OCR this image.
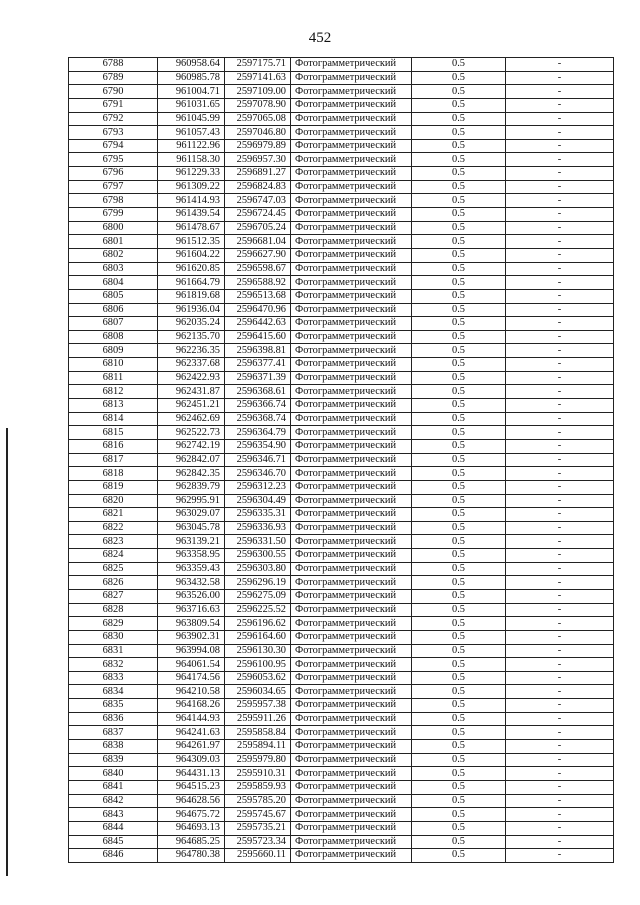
452
6788	960958.64	2597175.71	Фотограмметрический	0.5	-
6789	960985.78	2597141.63	Фотограмметрический	0.5	-
6790	961004.71	2597109.00	Фотограмметрический	0.5	-
6791	961031.65	2597078.90	Фотограмметрический	0.5	-
6792	961045.99	2597065.08	Фотограмметрический	0.5	-
6793	961057.43	2597046.80	Фотограмметрический	0.5	-
6794	961122.96	2596979.89	Фотограмметрический	0.5	-
6795	961158.30	2596957.30	Фотограмметрический	0.5	-
6796	961229.33	2596891.27	Фотограмметрический	0.5	-
6797	961309.22	2596824.83	Фотограмметрический	0.5	-
6798	961414.93	2596747.03	Фотограмметрический	0.5	-
6799	961439.54	2596724.45	Фотограмметрический	0.5	-
6800	961478.67	2596705.24	Фотограмметрический	0.5	-
6801	961512.35	2596681.04	Фотограмметрический	0.5	-
6802	961604.22	2596627.90	Фотограмметрический	0.5	-
6803	961620.85	2596598.67	Фотограмметрический	0.5	-
6804	961664.79	2596588.92	Фотограмметрический	0.5	-
6805	961819.68	2596513.68	Фотограмметрический	0.5	-
6806	961936.04	2596470.96	Фотограмметрический	0.5	-
6807	962035.24	2596442.63	Фотограмметрический	0.5	-
6808	962135.70	2596415.60	Фотограмметрический	0.5	-
6809	962236.35	2596398.81	Фотограмметрический	0.5	-
6810	962337.68	2596377.41	Фотограмметрический	0.5	-
6811	962422.93	2596371.39	Фотограмметрический	0.5	-
6812	962431.87	2596368.61	Фотограмметрический	0.5	-
6813	962451.21	2596366.74	Фотограмметрический	0.5	-
6814	962462.69	2596368.74	Фотограмметрический	0.5	-
6815	962522.73	2596364.79	Фотограмметрический	0.5	-
6816	962742.19	2596354.90	Фотограмметрический	0.5	-
6817	962842.07	2596346.71	Фотограмметрический	0.5	-
6818	962842.35	2596346.70	Фотограмметрический	0.5	-
6819	962839.79	2596312.23	Фотограмметрический	0.5	-
6820	962995.91	2596304.49	Фотограмметрический	0.5	-
6821	963029.07	2596335.31	Фотограмметрический	0.5	-
6822	963045.78	2596336.93	Фотограмметрический	0.5	-
6823	963139.21	2596331.50	Фотограмметрический	0.5	-
6824	963358.95	2596300.55	Фотограмметрический	0.5	-
6825	963359.43	2596303.80	Фотограмметрический	0.5	-
6826	963432.58	2596296.19	Фотограмметрический	0.5	-
6827	963526.00	2596275.09	Фотограмметрический	0.5	-
6828	963716.63	2596225.52	Фотограмметрический	0.5	-
6829	963809.54	2596196.62	Фотограмметрический	0.5	-
6830	963902.31	2596164.60	Фотограмметрический	0.5	-
6831	963994.08	2596130.30	Фотограмметрический	0.5	-
6832	964061.54	2596100.95	Фотограмметрический	0.5	-
6833	964174.56	2596053.62	Фотограмметрический	0.5	-
6834	964210.58	2596034.65	Фотограмметрический	0.5	-
6835	964168.26	2595957.38	Фотограмметрический	0.5	-
6836	964144.93	2595911.26	Фотограмметрический	0.5	-
6837	964241.63	2595858.84	Фотограмметрический	0.5	-
6838	964261.97	2595894.11	Фотограмметрический	0.5	-
6839	964309.03	2595979.80	Фотограмметрический	0.5	-
6840	964431.13	2595910.31	Фотограмметрический	0.5	-
6841	964515.23	2595859.93	Фотограмметрический	0.5	-
6842	964628.56	2595785.20	Фотограмметрический	0.5	-
6843	964675.72	2595745.67	Фотограмметрический	0.5	-
6844	964693.13	2595735.21	Фотограмметрический	0.5	-
6845	964685.25	2595723.34	Фотограмметрический	0.5	-
6846	964780.38	2595660.11	Фотограмметрический	0.5	-
